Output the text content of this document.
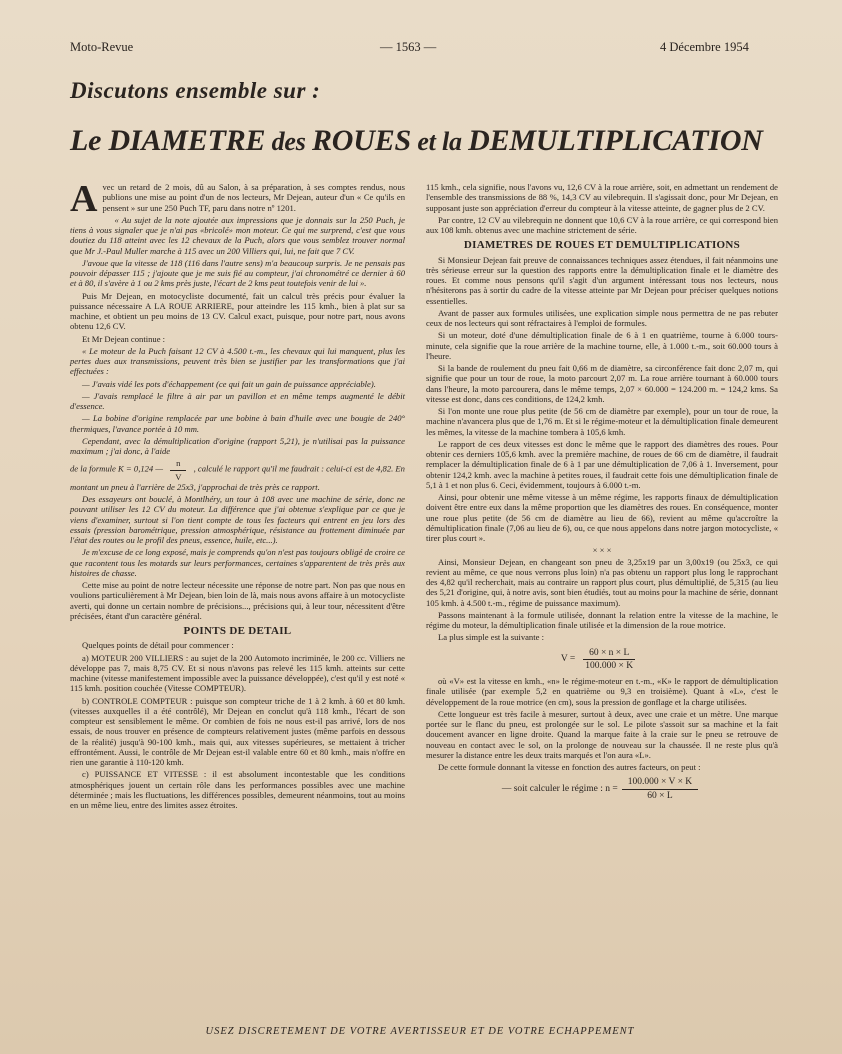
Moto-Revue	— 1563 —	4 Décembre 1954
Discutons ensemble sur :
Le DIAMETRE des ROUES et la DEMULTIPLICATION

Avec un retard de 2 mois, dû au Salon, à sa préparation, à ses comptes rendus, nous publions une mise au point d'un de nos lecteurs, Mr Dejean, auteur d'un « Ce qu'ils en pensent » sur une 250 Puch TF, paru dans notre nº 1201.

« Au sujet de la note ajoutée aux impressions que je donnais sur la 250 Puch, je tiens à vous signaler que je n'ai pas «bricolé» mon moteur. Ce qui me surprend, c'est que vous doutiez du 118 atteint avec les 12 chevaux de la Puch, alors que vous semblez trouver normal que Mr J.-Paul Muller marche à 115 avec un 200 Villiers qui, lui, ne fait que 7 CV.

J'avoue que la vitesse de 118 (116 dans l'autre sens) m'a beaucoup surpris. Je ne pensais pas pouvoir dépasser 115 ; j'ajoute que je me suis fié au compteur, j'ai chronométré ce dernier à 60 et à 80, il s'avère à 1 ou 2 kms près juste, l'écart de 2 kms peut toutefois venir de lui ».

Puis Mr Dejean, en motocycliste documenté, fait un calcul très précis pour évaluer la puissance nécessaire A LA ROUE ARRIERE, pour atteindre les 115 kmh., bien à plat sur sa machine, et obtient un peu moins de 13 CV. Calcul exact, puisque, pour notre part, nous avons obtenu 12,6 CV.

Et Mr Dejean continue :

« Le moteur de la Puch faisant 12 CV à 4.500 t.-m., les chevaux qui lui manquent, plus les pertes dues aux transmissions, peuvent très bien se justifier par les transformations que j'ai effectuées :

— J'avais vidé les pots d'échappement (ce qui fait un gain de puissance appréciable).

— J'avais remplacé le filtre à air par un pavillon et en même temps augmenté le débit d'essence.

— La bobine d'origine remplacée par une bobine à bain d'huile avec une bougie de 240° thermiques, l'avance portée à 10 mm.

Cependant, avec la démultiplication d'origine (rapport 5,21), je n'utilisai pas la puissance maximum ; j'ai donc, à l'aide

de la formule K = 0,124 — $\frac{n}{V}$ , calculé le rapport qu'il me faudrait : celui-ci est de 4,82. En montant un pneu à l'arrière de 25x3, j'approchai de très près ce rapport.

Des essayeurs ont bouclé, à Montlhéry, un tour à 108 avec une machine de série, donc ne pouvant utiliser les 12 CV du moteur. La différence que j'ai obtenue s'explique par ce que je viens d'examiner, surtout si l'on tient compte de tous les facteurs qui entrent en jeu lors des essais (pression barométrique, pression atmosphérique, résistance au frottement diminuée par l'état des routes ou le profil des pneus, essence, huile, etc...).

Je m'excuse de ce long exposé, mais je comprends qu'on n'est pas toujours obligé de croire ce que racontent tous les motards sur leurs performances, certaines s'apparentent de très près aux histoires de chasse.

Cette mise au point de notre lecteur nécessite une réponse de notre part. Non pas que nous en voulions particulièrement à Mr Dejean, bien loin de là, mais nous avons affaire à un motocycliste averti, qui donne un certain nombre de précisions..., précisions qui, à leur tour, nécessitent d'être précisées, étant d'un caractère général.

POINTS DE DETAIL

Quelques points de détail pour commencer :

a) MOTEUR 200 VILLIERS : au sujet de la 200 Automoto incriminée, le 200 cc. Villiers ne développe pas 7, mais 8,75 CV. Et si nous n'avons pas relevé les 115 kmh. atteints sur cette machine (vitesse manifestement impossible avec la puissance développée), c'est qu'il y est noté « 115 kmh. position couchée (Vitesse COMPTEUR).

b) CONTROLE COMPTEUR : puisque son compteur triche de 1 à 2 kmh. à 60 et 80 kmh. (vitesses auxquelles il a été contrôlé), Mr Dejean en conclut qu'à 118 kmh., l'écart de son compteur est sensiblement le même. Or combien de fois ne nous est-il pas arrivé, lors de nos essais, de nous trouver en présence de compteurs relativement justes (même parfois en dessous de la réalité) jusqu'à 90-100 kmh., mais qui, aux vitesses supérieures, se mettaient à tricher effrontément. Aussi, le contrôle de Mr Dejean est-il valable entre 60 et 80 kmh., mais n'offre en rien une garantie à 110-120 kmh.

c) PUISSANCE ET VITESSE : il est absolument incontestable que les conditions atmosphériques jouent un certain rôle dans les performances possibles avec une machine déterminée ; mais les fluctuations, les différences possibles, demeurent néanmoins, tout au moins en un même lieu, entre des limites assez étroites.

115 kmh., cela signifie, nous l'avons vu, 12,6 CV à la roue arrière, soit, en admettant un rendement de l'ensemble des transmissions de 88 %, 14,3 CV au vilebrequin. Il s'agissait donc, pour Mr Dejean, en supposant juste son appréciation d'erreur du compteur à la vitesse atteinte, de gagner plus de 2 CV.

Par contre, 12 CV au vilebrequin ne donnent que 10,6 CV à la roue arrière, ce qui correspond bien aux 108 kmh. obtenus avec une machine strictement de série.

DIAMETRES DE ROUES ET DEMULTIPLICATIONS

Si Monsieur Dejean fait preuve de connaissances techniques assez étendues, il fait néanmoins une très sérieuse erreur sur la question des rapports entre la démultiplication finale et le diamètre des roues. Et comme nous pensons qu'il s'agit d'un argument intéressant tous nos lecteurs, nous n'hésiterons pas à sortir du cadre de la vitesse atteinte par Mr Dejean pour préciser quelques notions essentielles.

Avant de passer aux formules utilisées, une explication simple nous permettra de ne pas rebuter ceux de nos lecteurs qui sont réfractaires à l'emploi de formules.

Si un moteur, doté d'une démultiplication finale de 6 à 1 en quatrième, tourne à 6.000 tours-minute, cela signifie que la roue arrière de la machine tourne, elle, à 1.000 t.-m., soit 60.000 tours à l'heure.

Si la bande de roulement du pneu fait 0,66 m de diamètre, sa circonférence fait donc 2,07 m, qui signifie que pour un tour de roue, la moto parcourt 2,07 m. La roue arrière tournant à 60.000 tours dans l'heure, la moto parcourera, dans le même temps, 2,07 × 60.000 = 124.200 m. = 124,2 kms. Sa vitesse est donc, dans ces conditions, de 124,2 kmh.

Si l'on monte une roue plus petite (de 56 cm de diamètre par exemple), pour un tour de roue, la machine n'avancera plus que de 1,76 m. Et si le régime-moteur et la démultiplication finale demeurent les mêmes, la vitesse de la machine tombera à 105,6 kmh.

Le rapport de ces deux vitesses est donc le même que le rapport des diamètres des roues. Pour obtenir ces derniers 105,6 kmh. avec la première machine, de roues de 66 cm de diamètre, il faudrait remplacer la démultiplication finale de 6 à 1 par une démultiplication de 7,06 à 1. Inversement, pour obtenir 124,2 kmh. avec la machine à petites roues, il faudrait cette fois une démultiplication finale de 5,1 à 1 et non plus 6. Ceci, évidemment, toujours à 6.000 t.-m.

Ainsi, pour obtenir une même vitesse à un même régime, les rapports finaux de démultiplication doivent être entre eux dans la même proportion que les diamètres des roues. En conséquence, monter une roue plus petite (de 56 cm de diamètre au lieu de 66), revient au même qu'accroître la démultiplication finale (7,06 au lieu de 6), ou, ce que nous appelons dans notre jargon motocycliste, « tirer plus court ».

× × ×

Ainsi, Monsieur Dejean, en changeant son pneu de 3,25x19 par un 3,00x19 (ou 25x3, ce qui revient au même, ce que nous verrons plus loin) n'a pas obtenu un rapport plus long le rapprochant des 4,82 qu'il recherchait, mais au contraire un rapport plus court, plus démultiplié, de 5,315 (au lieu des 5,21 d'origine, qui, à notre avis, sont bien étudiés, tout au moins pour la machine de série, donnant 105 kmh. à 4.500 t.-m., régime de puissance maximum).

Passons maintenant à la formule utilisée, donnant la relation entre la vitesse de la machine, le régime du moteur, la démultiplication finale utilisée et la dimension de la roue motrice.

La plus simple est la suivante :

$V = \frac{60 \times n \times L}{100.000 \times K}$

où «V» est la vitesse en kmh., «n» le régime-moteur en t.-m., «K» le rapport de démultiplication finale utilisée (par exemple 5,2 en quatrième ou 9,3 en troisième). Quant à «L», c'est le développement de la roue motrice (en cm), sous la pression de gonflage et la charge utilisées.

Cette longueur est très facile à mesurer, surtout à deux, avec une craie et un mètre. Une marque portée sur le flanc du pneu, est prolongée sur le sol. Le pilote s'assoit sur sa machine et la fait doucement avancer en ligne droite. Quand la marque faite à la craie sur le pneu se retrouve de nouveau en contact avec le sol, on la prolonge de nouveau sur la chaussée. Il ne reste plus qu'à mesurer la distance entre les deux traits marqués et l'on aura «L».

De cette formule donnant la vitesse en fonction des autres facteurs, on peut :

— soit calculer le régime : $n = \frac{100.000 \times V \times K}{60 \times L}$
USEZ DISCRETEMENT DE VOTRE AVERTISSEUR ET DE VOTRE ECHAPPEMENT
